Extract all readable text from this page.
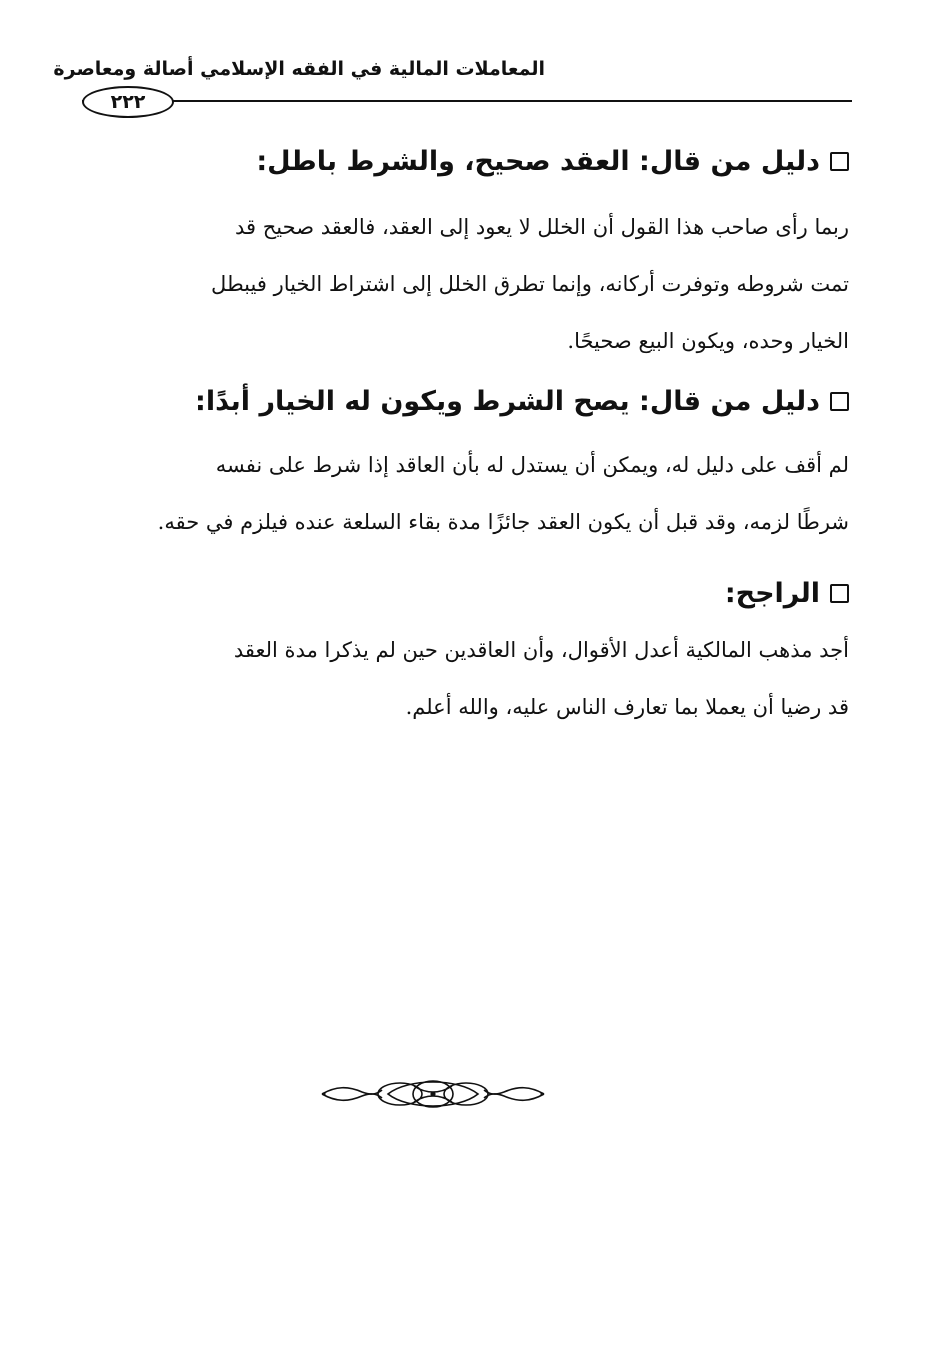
المعاملات المالية في الفقه الإسلامي أصالة ومعاصرة
٢٢٢
دليل من قال: العقد صحيح، والشرط باطل:
ربما رأى صاحب هذا القول أن الخلل لا يعود إلى العقد، فالعقد صحيح قد
تمت شروطه وتوفرت أركانه، وإنما تطرق الخلل إلى اشتراط الخيار فيبطل
الخيار وحده، ويكون البيع صحيحًا.
دليل من قال: يصح الشرط ويكون له الخيار أبدًا:
لم أقف على دليل له، ويمكن أن يستدل له بأن العاقد إذا شرط على نفسه
شرطًا لزمه، وقد قبل أن يكون العقد جائزًا مدة بقاء السلعة عنده فيلزم في حقه.
الراجح:
أجد مذهب المالكية أعدل الأقوال، وأن العاقدين حين لم يذكرا مدة العقد
قد رضيا أن يعملا بما تعارف الناس عليه، والله أعلم.
